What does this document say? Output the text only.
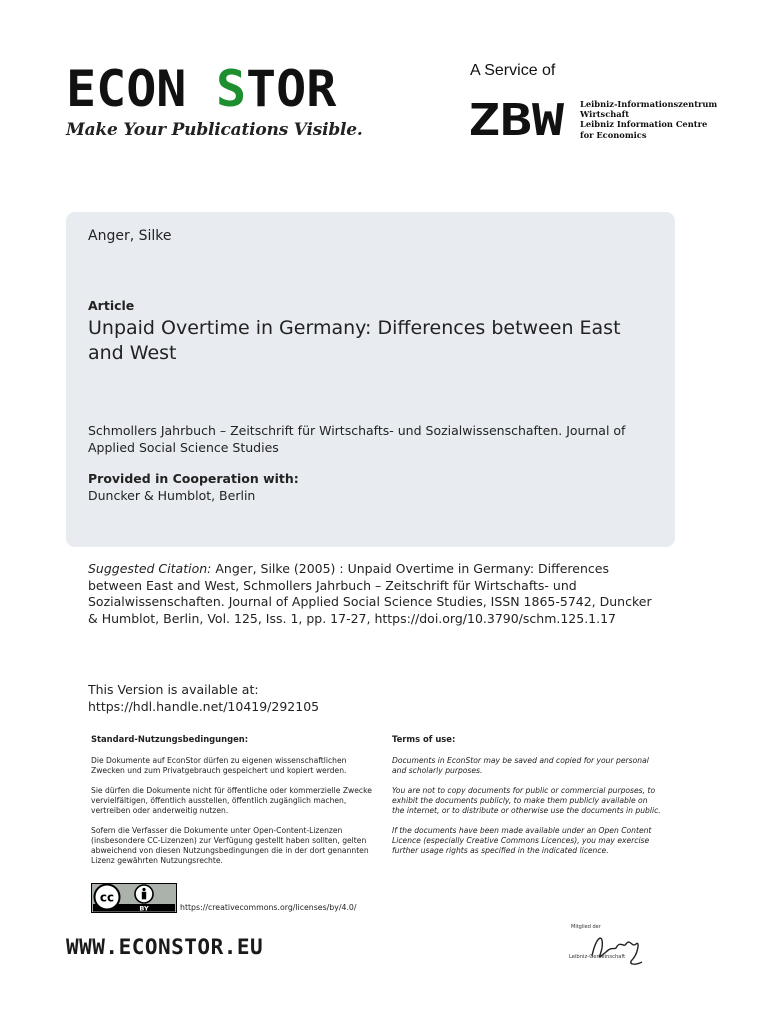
ECON S TOR
Make Your Publications Visible.
A Service of
ZBW Leibniz-Informationszentrum
Wirtschaft
Leibniz Information Centre
for Economics
Anger, Silke
Article
Unpaid Overtime in Germany: Differences between East and West
Schmollers Jahrbuch – Zeitschrift für Wirtschafts- und Sozialwissenschaften. Journal of Applied Social Science Studies
Provided in Cooperation with:
Duncker & Humblot, Berlin
Suggested Citation: Anger, Silke (2005) : Unpaid Overtime in Germany: Differences between East and West, Schmollers Jahrbuch – Zeitschrift für Wirtschafts- und Sozialwissenschaften. Journal of Applied Social Science Studies, ISSN 1865-5742, Duncker & Humblot, Berlin, Vol. 125, Iss. 1, pp. 17-27, https://doi.org/10.3790/schm.125.1.17
This Version is available at:
https://hdl.handle.net/10419/292105
Standard-Nutzungsbedingungen:

Die Dokumente auf EconStor dürfen zu eigenen wissenschaftlichen Zwecken und zum Privatgebrauch gespeichert und kopiert werden.

Sie dürfen die Dokumente nicht für öffentliche oder kommerzielle Zwecke vervielfältigen, öffentlich ausstellen, öffentlich zugänglich machen, vertreiben oder anderweitig nutzen.

Sofern die Verfasser die Dokumente unter Open-Content-Lizenzen (insbesondere CC-Lizenzen) zur Verfügung gestellt haben sollten, gelten abweichend von diesen Nutzungsbedingungen die in der dort genannten Lizenz gewährten Nutzungsrechte.

Terms of use:

Documents in EconStor may be saved and copied for your personal and scholarly purposes.

You are not to copy documents for public or commercial purposes, to exhibit the documents publicly, to make them publicly available on the internet, or to distribute or otherwise use the documents in public.

If the documents have been made available under an Open Content Licence (especially Creative Commons Licences), you may exercise further usage rights as specified in the indicated licence.

cc
BY	https://creativecommons.org/licenses/by/4.0/
WWW.ECONSTOR.EU
Mitglied der
Leibniz-Gemeinschaft
